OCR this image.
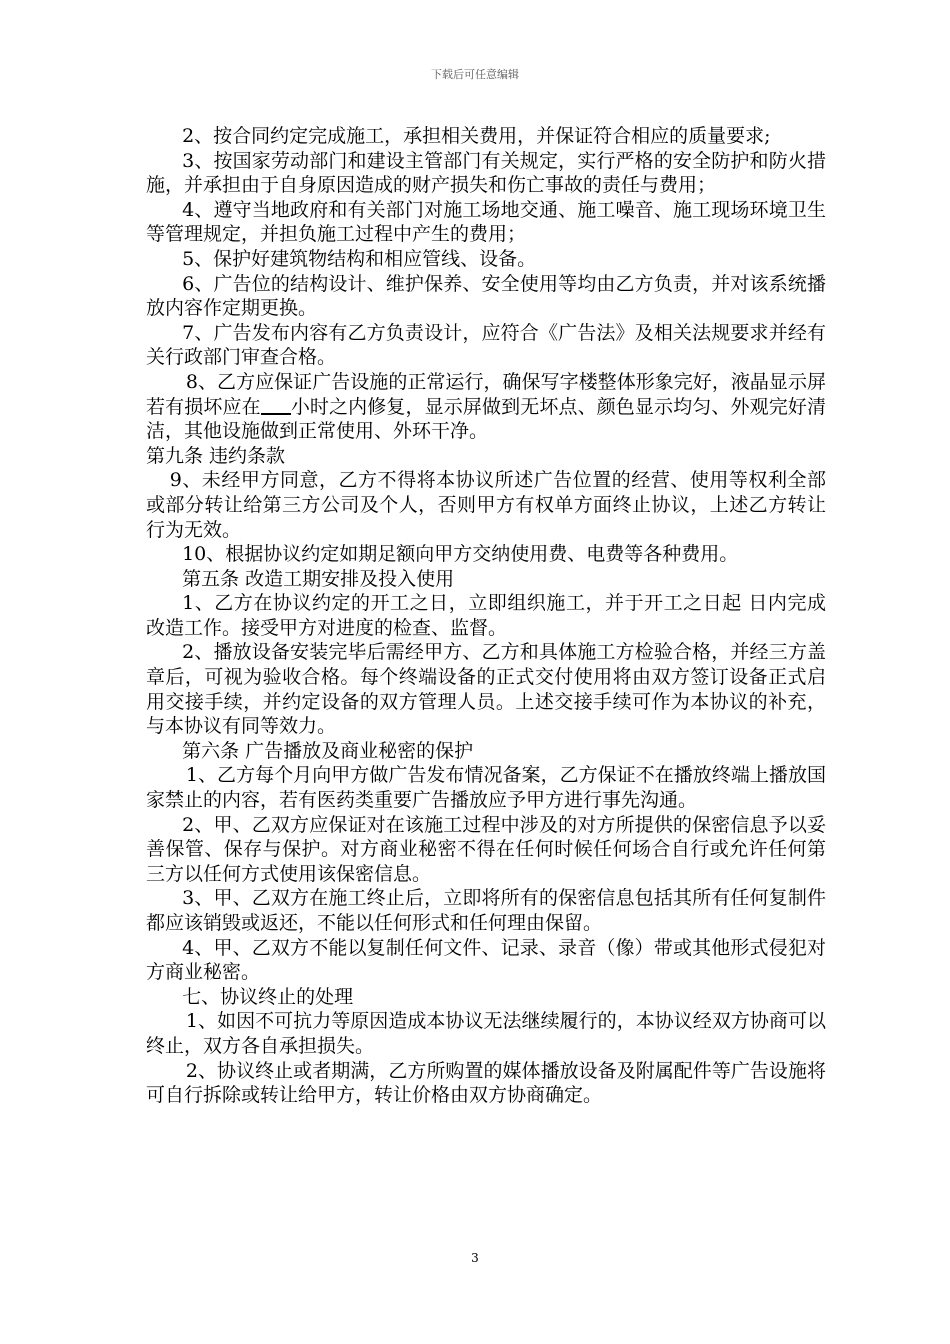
下载后可任意编辑

2、按合同约定完成施工，承担相关费用，并保证符合相应的质量要求;

3、按国家劳动部门和建设主管部门有关规定，实行严格的安全防护和防火措施，并承担由于自身原因造成的财产损失和伤亡事故的责任与费用；

4、遵守当地政府和有关部门对施工场地交通、施工噪音、施工现场环境卫生等管理规定，并担负施工过程中产生的费用；

5、保护好建筑物结构和相应管线、设备。

6、广告位的结构设计、维护保养、安全使用等均由乙方负责，并对该系统播放内容作定期更换。

7、广告发布内容有乙方负责设计，应符合《广告法》及相关法规要求并经有关行政部门审查合格。

8、乙方应保证广告设施的正常运行，确保写字楼整体形象完好，液晶显示屏若有损坏应在 小时之内修复，显示屏做到无坏点、颜色显示均匀、外观完好清洁，其他设施做到正常使用、外环干净。

第九条 违约条款

9、未经甲方同意，乙方不得将本协议所述广告位置的经营、使用等权利全部或部分转让给第三方公司及个人，否则甲方有权单方面终止协议，上述乙方转让行为无效。

10、根据协议约定如期足额向甲方交纳使用费、电费等各种费用。

第五条 改造工期安排及投入使用

1、乙方在协议约定的开工之日，立即组织施工，并于开工之日起 日内完成改造工作。接受甲方对进度的检查、监督。

2、播放设备安装完毕后需经甲方、乙方和具体施工方检验合格，并经三方盖章后，可视为验收合格。每个终端设备的正式交付使用将由双方签订设备正式启用交接手续，并约定设备的双方管理人员。上述交接手续可作为本协议的补充，与本协议有同等效力。

第六条 广告播放及商业秘密的保护

1、乙方每个月向甲方做广告发布情况备案，乙方保证不在播放终端上播放国家禁止的内容，若有医药类重要广告播放应予甲方进行事先沟通。

2、甲、乙双方应保证对在该施工过程中涉及的对方所提供的保密信息予以妥善保管、保存与保护。对方商业秘密不得在任何时候任何场合自行或允许任何第三方以任何方式使用该保密信息。

3、甲、乙双方在施工终止后，立即将所有的保密信息包括其所有任何复制件都应该销毁或返还，不能以任何形式和任何理由保留。

4、甲、乙双方不能以复制任何文件、记录、录音（像）带或其他形式侵犯对方商业秘密。

七、协议终止的处理

1、如因不可抗力等原因造成本协议无法继续履行的，本协议经双方协商可以终止，双方各自承担损失。

2、协议终止或者期满，乙方所购置的媒体播放设备及附属配件等广告设施将可自行拆除或转让给甲方，转让价格由双方协商确定。

3
